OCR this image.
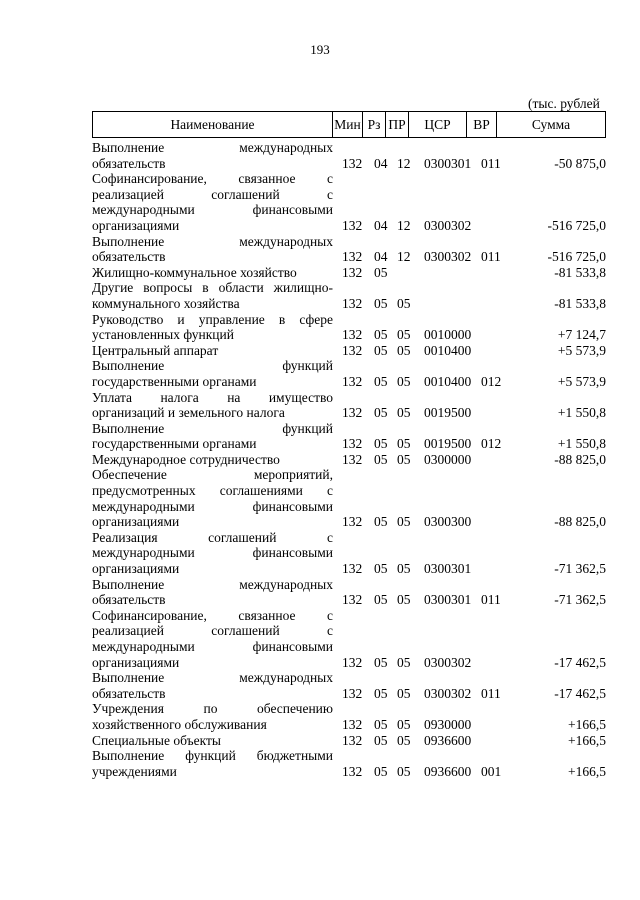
193
(тыс. рублей
Наименование	Мин Рз ПР	ЦСР	ВР	Сумма
Выполнение международных
обязательств	132 04 12 0300301 011	-50 875,0
Софинансирование, связанное с
реализацией соглашений с
международными финансовыми
организациями	132 04 12 0300302	-516 725,0
Выполнение международных
обязательств	132 04 12 0300302 011	-516 725,0
Жилищно-коммунальное хозяйство	132 05	-81 533,8
Другие вопросы в области жилищно-
коммунального хозяйства	132 05 05	-81 533,8
Руководство и управление в сфере
установленных функций	132 05 05 0010000	+7 124,7
Центральный аппарат	132 05 05 0010400	+5 573,9
Выполнение функций
государственными органами	132 05 05 0010400 012	+5 573,9
Уплата налога на имущество
организаций и земельного налога	132 05 05 0019500	+1 550,8
Выполнение функций
государственными органами	132 05 05 0019500 012	+1 550,8
Международное сотрудничество	132 05 05 0300000	-88 825,0
Обеспечение мероприятий,
предусмотренных соглашениями с
международными финансовыми
организациями	132 05 05 0300300	-88 825,0
Реализация соглашений с
международными финансовыми
организациями	132 05 05 0300301	-71 362,5
Выполнение международных
обязательств	132 05 05 0300301 011	-71 362,5
Софинансирование, связанное с
реализацией соглашений с
международными финансовыми
организациями	132 05 05 0300302	-17 462,5
Выполнение международных
обязательств	132 05 05 0300302 011	-17 462,5
Учреждения по обеспечению
хозяйственного обслуживания	132 05 05 0930000	+166,5
Специальные объекты	132 05 05 0936600	+166,5
Выполнение функций бюджетными
учреждениями	132 05 05 0936600 001	+166,5
